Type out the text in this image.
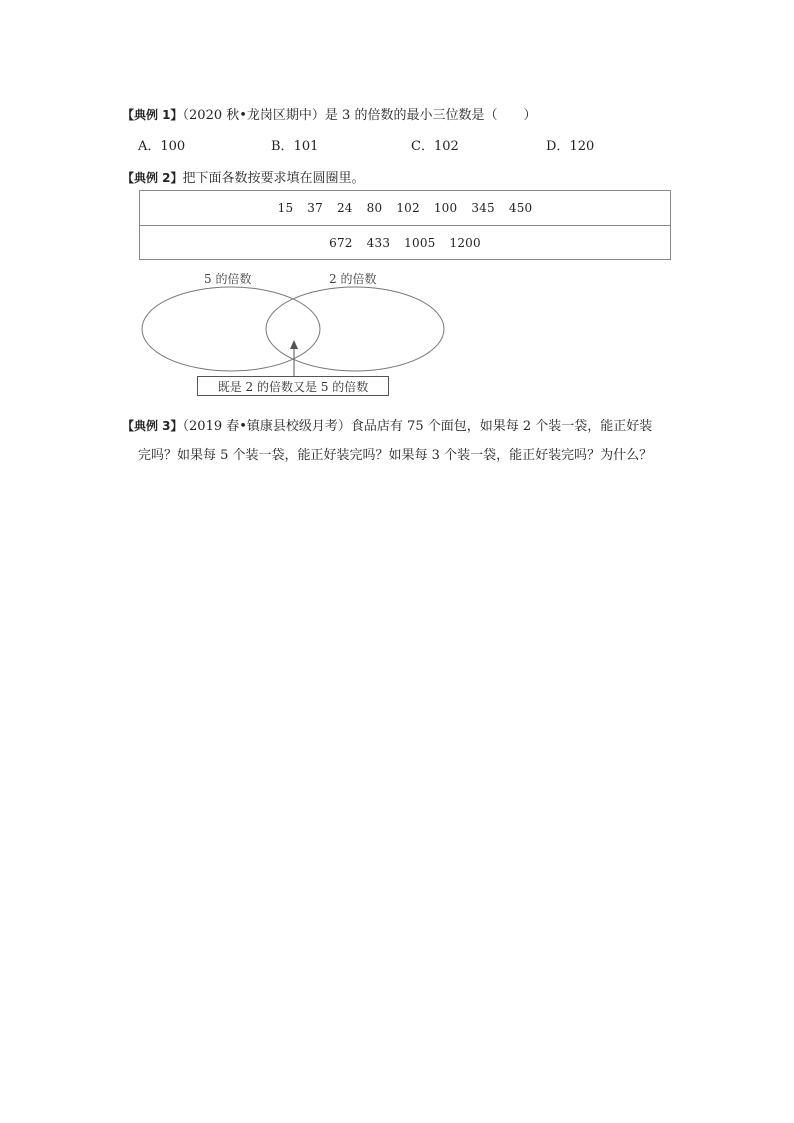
【典例 1】（2020 秋•龙岗区期中）是 3 的倍数的最小三位数是（　　）
A．100	B．101	C．102	D．120
【典例 2】把下面各数按要求填在圆圈里。
15 37 24 80 102 100 345 450
672 433 1005 1200
5 的倍数	2 的倍数
既是 2 的倍数又是 5 的倍数
【典例 3】（2019 春•镇康县校级月考）食品店有 75 个面包，如果每 2 个装一袋，能正好装
完吗？如果每 5 个装一袋，能正好装完吗？如果每 3 个装一袋，能正好装完吗？为什么？
